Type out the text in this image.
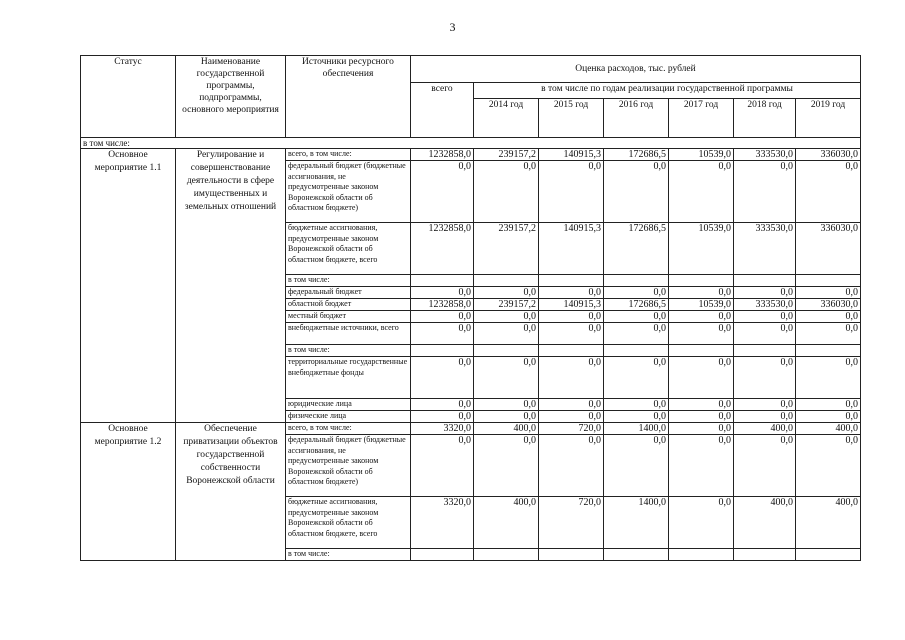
3
Статус	Наименование государственной программы, подпрограммы, основного мероприятия	Источники ресурсного обеспечения	Оценка расходов, тыс. рублей						
			всего	в том числе по годам реализации государственной программы					
				2014 год	2015 год	2016 год	2017 год	2018 год	2019 год
в том числе:									
Основное мероприятие 1.1	Регулирование и совершенствование деятельности в сфере имущественных и земельных отношений	всего, в том числе:	1232858,0	239157,2	140915,3	172686,5	10539,0	333530,0	336030,0
		федеральный бюджет (бюджетные ассигнования, не предусмотренные законом Воронежской области об областном бюджете)	0,0	0,0	0,0	0,0	0,0	0,0	0,0
		бюджетные ассигнования, предусмотренные законом Воронежской области об областном бюджете, всего	1232858,0	239157,2	140915,3	172686,5	10539,0	333530,0	336030,0
		в том числе:							
		федеральный бюджет	0,0	0,0	0,0	0,0	0,0	0,0	0,0
		областной бюджет	1232858,0	239157,2	140915,3	172686,5	10539,0	333530,0	336030,0
		местный бюджет	0,0	0,0	0,0	0,0	0,0	0,0	0,0
		внебюджетные источники, всего	0,0	0,0	0,0	0,0	0,0	0,0	0,0
		в том числе:							
		территориальные государственные внебюджетные фонды	0,0	0,0	0,0	0,0	0,0	0,0	0,0
		юридические лица	0,0	0,0	0,0	0,0	0,0	0,0	0,0
		физические лица	0,0	0,0	0,0	0,0	0,0	0,0	0,0
Основное мероприятие 1.2	Обеспечение приватизации объектов государственной собственности Воронежской области	всего, в том числе:	3320,0	400,0	720,0	1400,0	0,0	400,0	400,0
		федеральный бюджет (бюджетные ассигнования, не предусмотренные законом Воронежской области об областном бюджете)	0,0	0,0	0,0	0,0	0,0	0,0	0,0
		бюджетные ассигнования, предусмотренные законом Воронежской области об областном бюджете, всего	3320,0	400,0	720,0	1400,0	0,0	400,0	400,0
		в том числе:							
